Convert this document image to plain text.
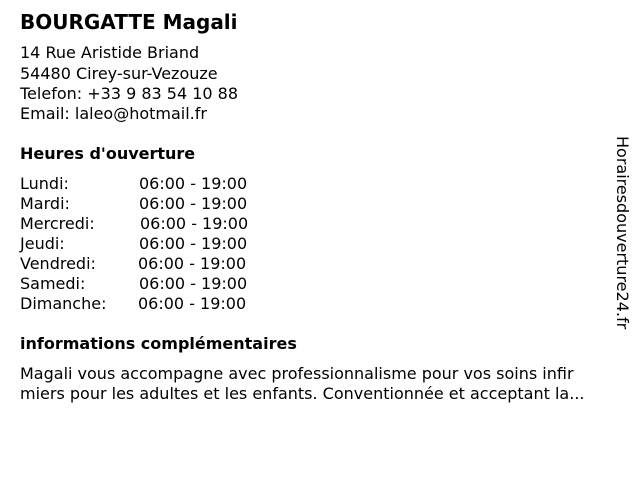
BOURGATTE Magali
14 Rue Aristide Briand
54480 Cirey-sur-Vezouze
Telefon: +33 9 83 54 10 88
Email: laleo@hotmail.fr
Heures d'ouverture
Lundi:	06:00 - 19:00
Mardi:	06:00 - 19:00
Mercredi:	06:00 - 19:00
Jeudi:	06:00 - 19:00
Vendredi:	06:00 - 19:00
Samedi:	06:00 - 19:00
Dimanche: 06:00 - 19:00
informations complémentaires
Magali vous accompagne avec professionnalisme pour vos soins infir
miers pour les adultes et les enfants. Conventionnée et acceptant la...
Horairesdouverture24.fr
